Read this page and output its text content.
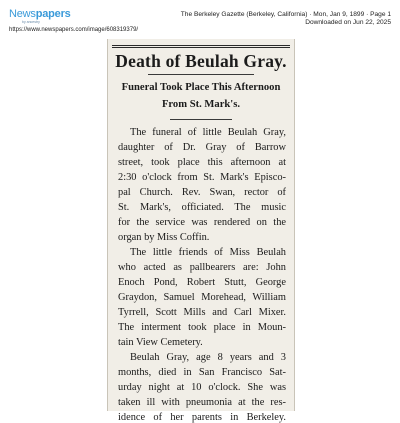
Newspapers
by ancestry
The Berkeley Gazette (Berkeley, California) · Mon, Jan 9, 1899 · Page 1
Downloaded on Jun 22, 2025
https://www.newspapers.com/image/608319379/
Death of Beulah Gray.
Funeral Took Place This Afternoon From St. Mark's.
The funeral of little Beulah Gray,
daughter of Dr. Gray of Barrow
street, took place this afternoon at
2:30 o'clock from St. Mark's Episco-
pal Church. Rev. Swan, rector of
St. Mark's, officiated. The music
for the service was rendered on the
organ by Miss Coffin.
The little friends of Miss Beulah
who acted as pallbearers are: John
Enoch Pond, Robert Stutt, George
Graydon, Samuel Morehead, William
Tyrrell, Scott Mills and Carl Mixer.
The interment took place in Moun-
tain View Cemetery.
Beulah Gray, age 8 years and 3
months, died in San Francisco Sat-
urday night at 10 o'clock. She was
taken ill with pneumonia at the res-
idence of her parents in Berkeley.
